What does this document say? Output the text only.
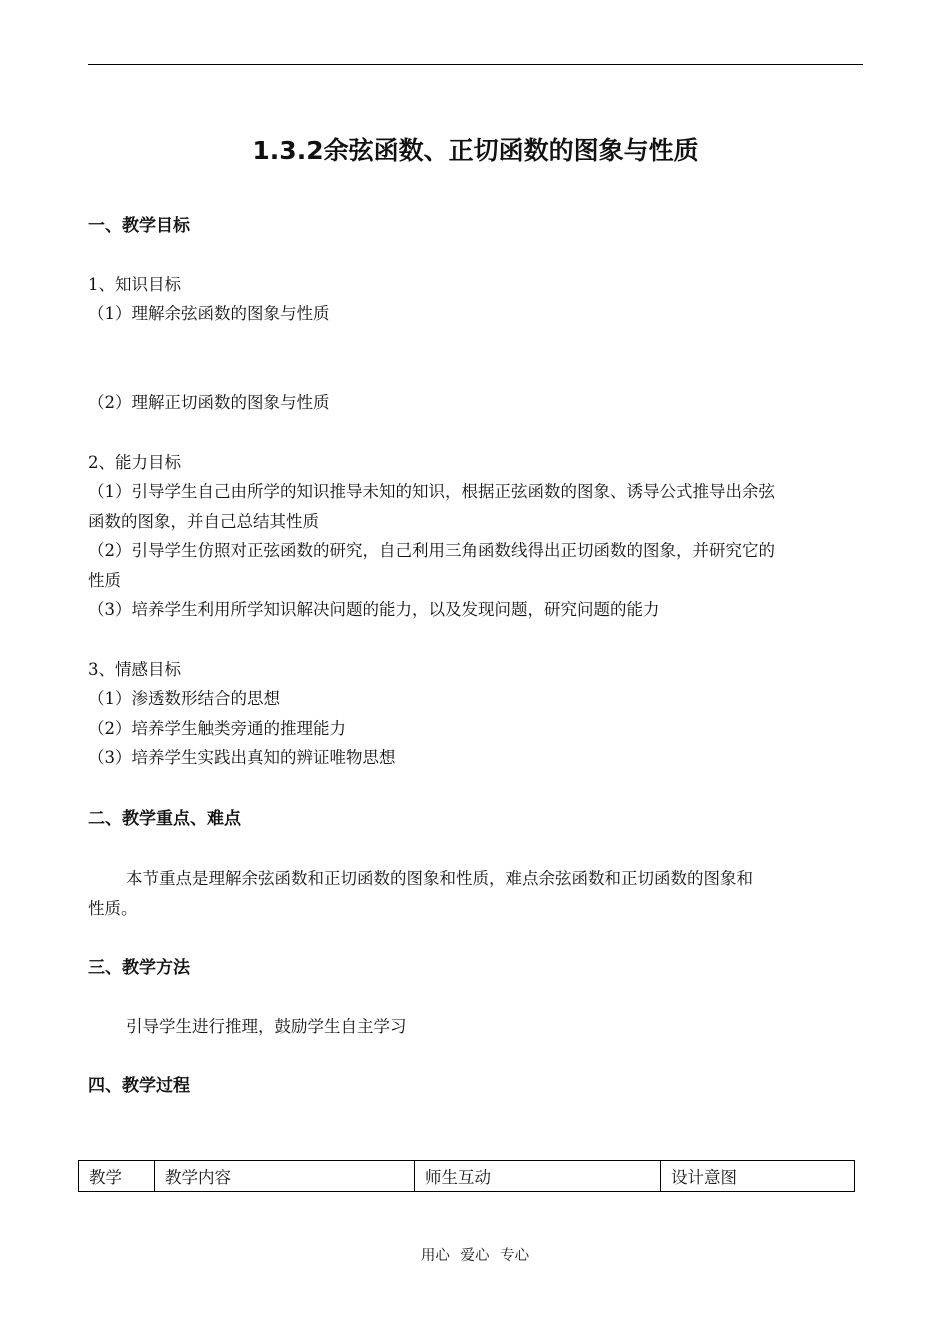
1.3.2余弦函数、正切函数的图象与性质
一、教学目标
1、知识目标
（1）理解余弦函数的图象与性质
（2）理解正切函数的图象与性质
2、能力目标
（1）引导学生自己由所学的知识推导未知的知识，根据正弦函数的图象、诱导公式推导出余弦
函数的图象，并自己总结其性质
（2）引导学生仿照对正弦函数的研究，自己利用三角函数线得出正切函数的图象，并研究它的
性质
（3）培养学生利用所学知识解决问题的能力，以及发现问题，研究问题的能力
3、情感目标
（1）渗透数形结合的思想
（2）培养学生触类旁通的推理能力
（3）培养学生实践出真知的辨证唯物思想
二、教学重点、难点
本节重点是理解余弦函数和正切函数的图象和性质，难点余弦函数和正切函数的图象和
性质。
三、教学方法
引导学生进行推理，鼓励学生自主学习
四、教学过程
教学	教学内容	师生互动	设计意图
用心 爱心 专心
